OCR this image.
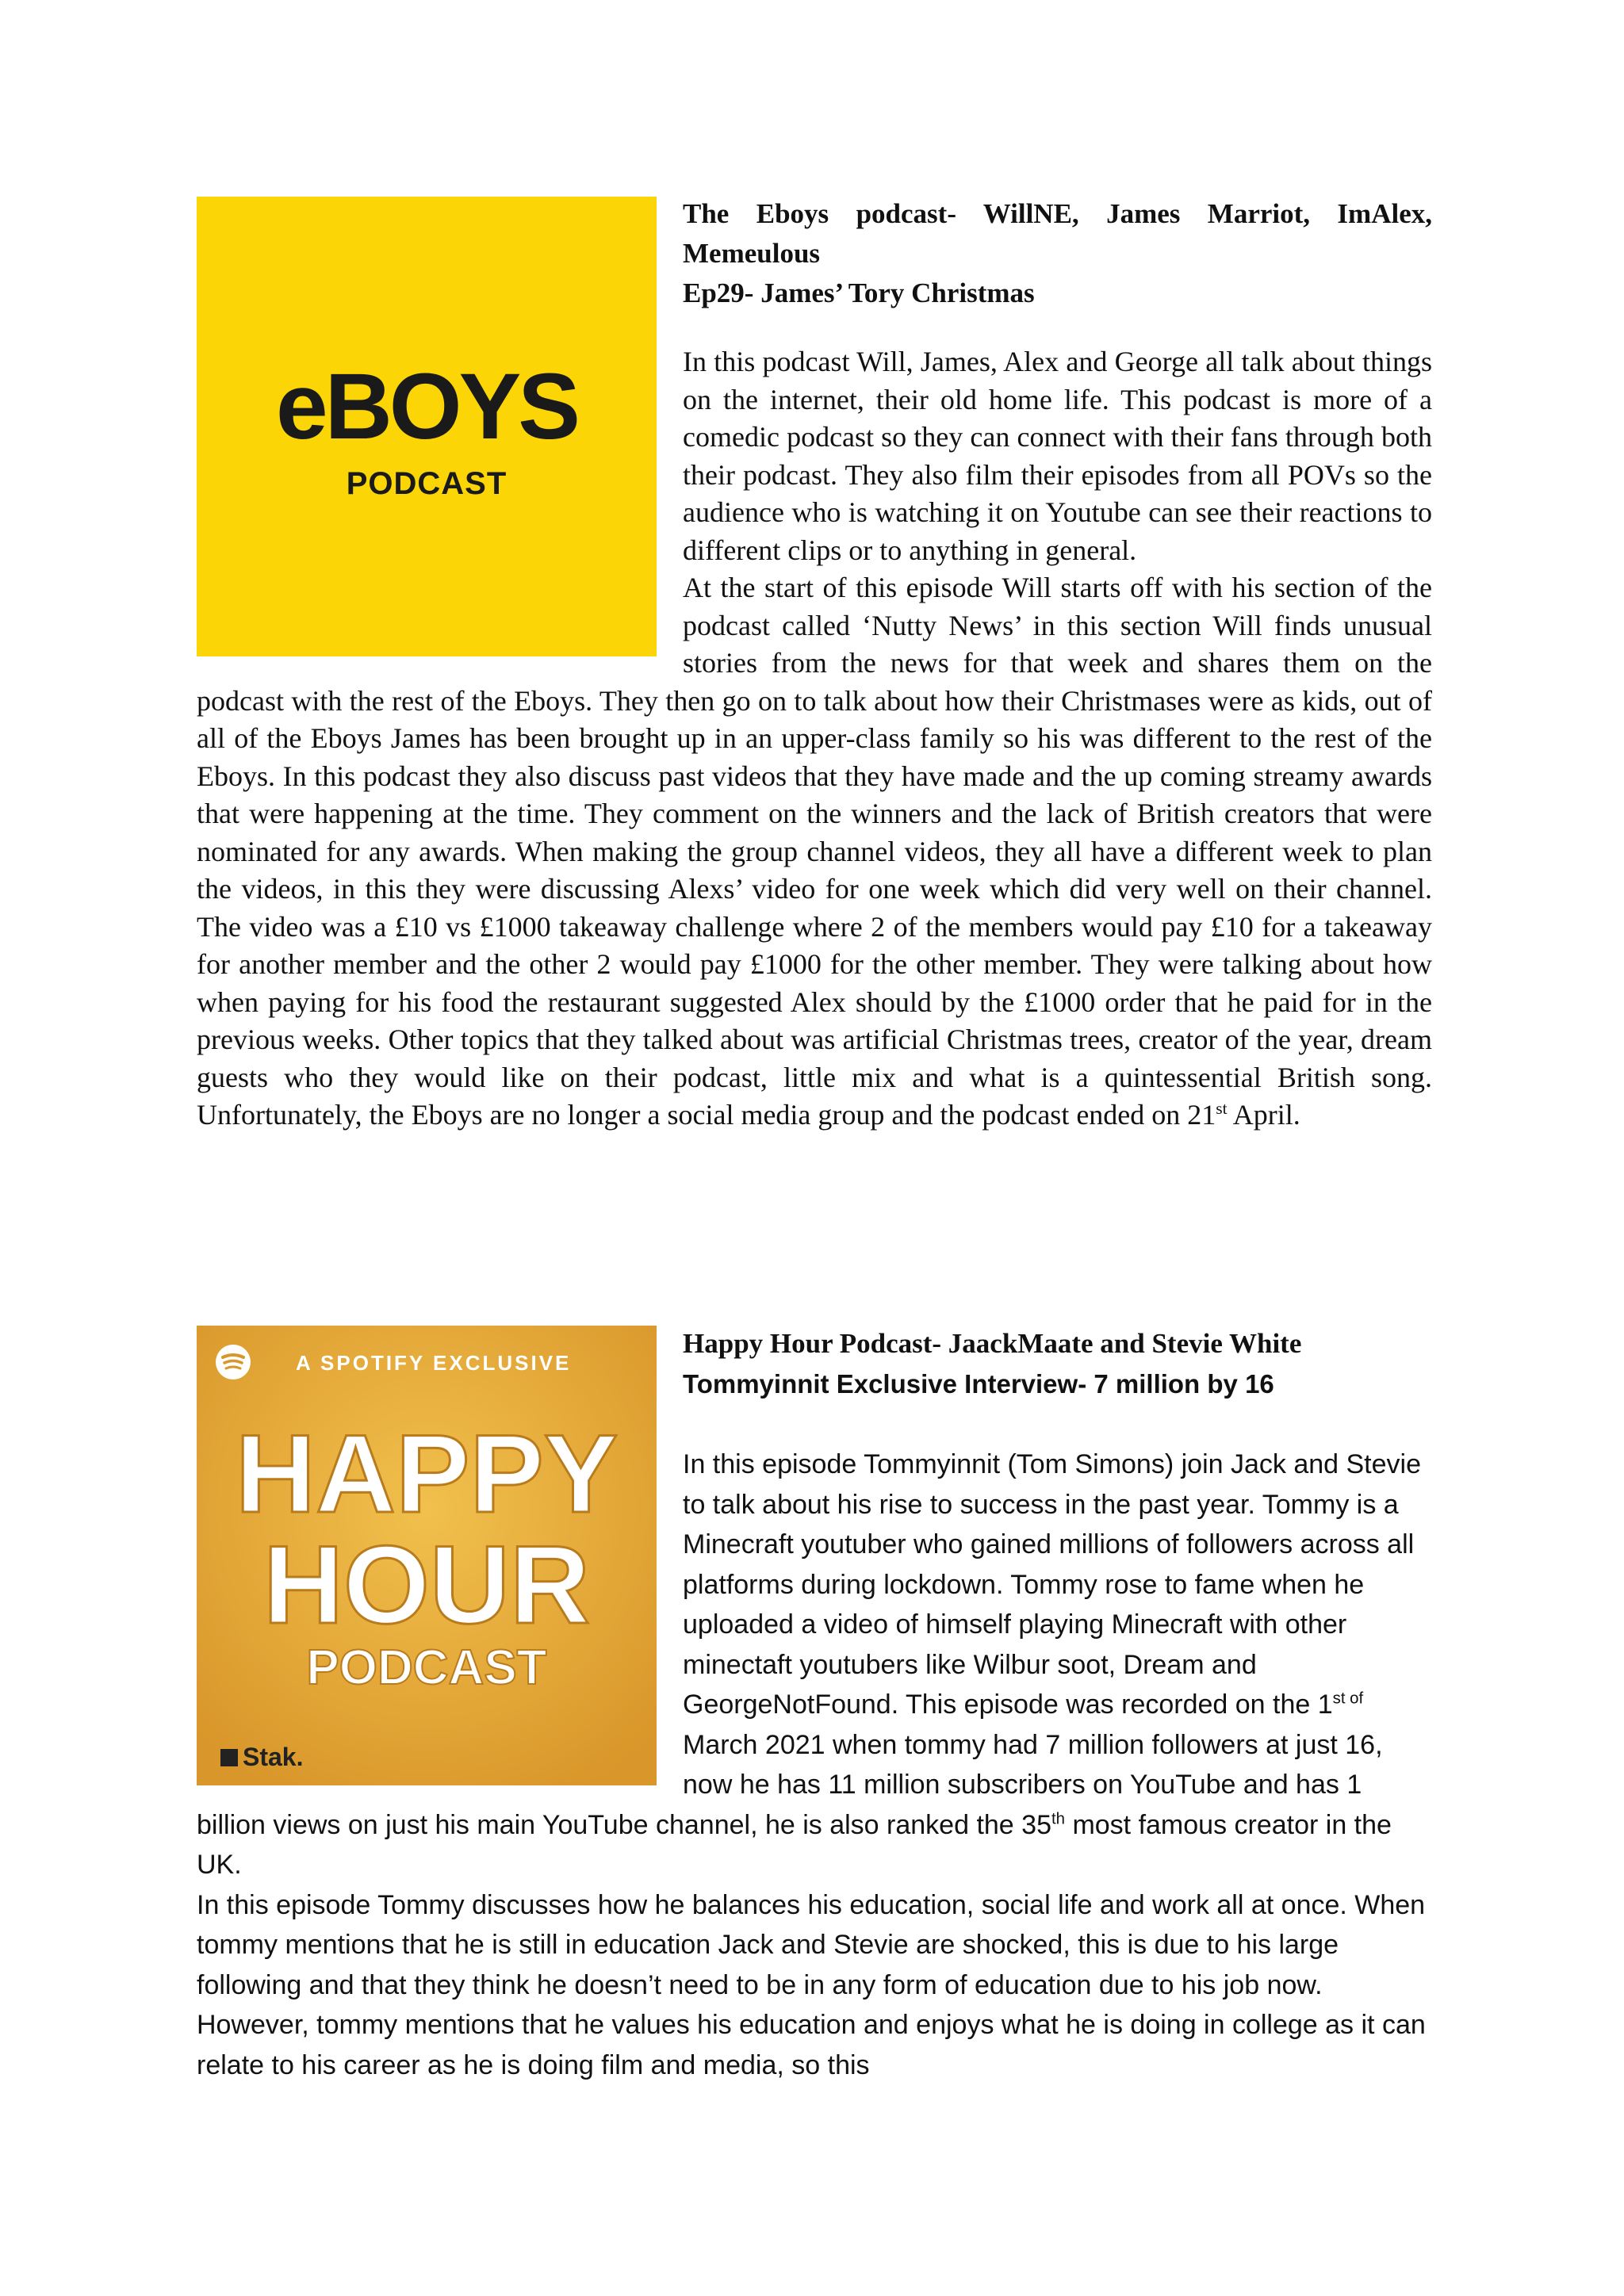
eBOYS
PODCAST
The Eboys podcast- WillNE, James Marriot, ImAlex,
Memeulous
Ep29- James’ Tory Christmas
In this podcast Will, James, Alex and George all talk about things on the internet, their old home life. This podcast is more of a comedic podcast so they can connect with their fans through both their podcast. They also film their episodes from all POVs so the audience who is watching it on Youtube can see their reactions to different clips or to anything in general.
At the start of this episode Will starts off with his section of the podcast called ‘Nutty News’ in this section Will finds unusual stories from the news for that week and shares them on the podcast with the rest of the Eboys. They then go on to talk about how their Christmases were as kids, out of all of the Eboys James has been brought up in an upper-class family so his was different to the rest of the Eboys. In this podcast they also discuss past videos that they have made and the up coming streamy awards that were happening at the time. They comment on the winners and the lack of British creators that were nominated for any awards. When making the group channel videos, they all have a different week to plan the videos, in this they were discussing Alexs’ video for one week which did very well on their channel. The video was a £10 vs £1000 takeaway challenge where 2 of the members would pay £10 for a takeaway for another member and the other 2 would pay £1000 for the other member. They were talking about how when paying for his food the restaurant suggested Alex should by the £1000 order that he paid for in the previous weeks. Other topics that they talked about was artificial Christmas trees, creator of the year, dream guests who they would like on their podcast, little mix and what is a quintessential British song. Unfortunately, the Eboys are no longer a social media group and the podcast ended on 21st April.
A SPOTIFY EXCLUSIVE
HAPPY
HOUR
PODCAST
Stak.
Happy Hour Podcast- JaackMaate and Stevie White
Tommyinnit Exclusive Interview- 7 million by 16
In this episode Tommyinnit (Tom Simons) join Jack and Stevie to talk about his rise to success in the past year. Tommy is a Minecraft youtuber who gained millions of followers across all platforms during lockdown. Tommy rose to fame when he uploaded a video of himself playing Minecraft with other minectaft youtubers like Wilbur soot, Dream and GeorgeNotFound. This episode was recorded on the $1^{st of}$ March 2021 when tommy had 7 million followers at just 16, now he has 11 million subscribers on YouTube and has 1 billion views on just his main YouTube channel, he is also ranked the 35th most famous creator in the UK.
In this episode Tommy discusses how he balances his education, social life and work all at once. When tommy mentions that he is still in education Jack and Stevie are shocked, this is due to his large following and that they think he doesn’t need to be in any form of education due to his job now. However, tommy mentions that he values his education and enjoys what he is doing in college as it can relate to his career as he is doing film and media, so this
